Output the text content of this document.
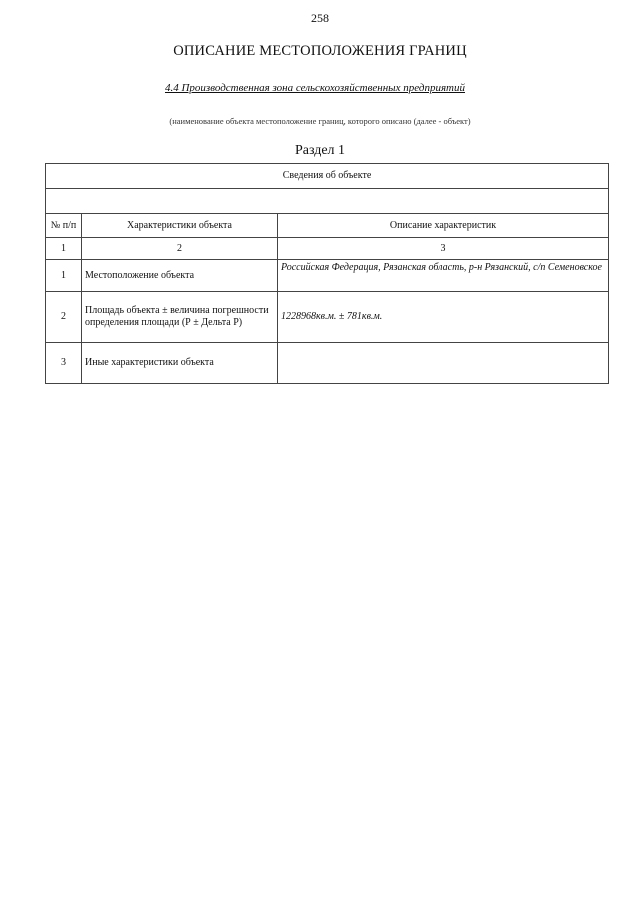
258
ОПИСАНИЕ МЕСТОПОЛОЖЕНИЯ ГРАНИЦ
4.4 Производственная зона сельскохозяйственных предприятий
(наименование объекта местоположение границ, которого описано (далее - объект)
Раздел 1
Сведения об объекте		

№ п/п	Характеристики объекта	Описание характеристик
1	2	3
1	Местоположение объекта	Российская Федерация, Рязанская область, р-н Рязанский, с/п Семеновское
2	Площадь объекта ± величина погрешности определения площади (Р ± Дельта Р)	1228968кв.м. ± 781кв.м.
3	Иные характеристики объекта	
